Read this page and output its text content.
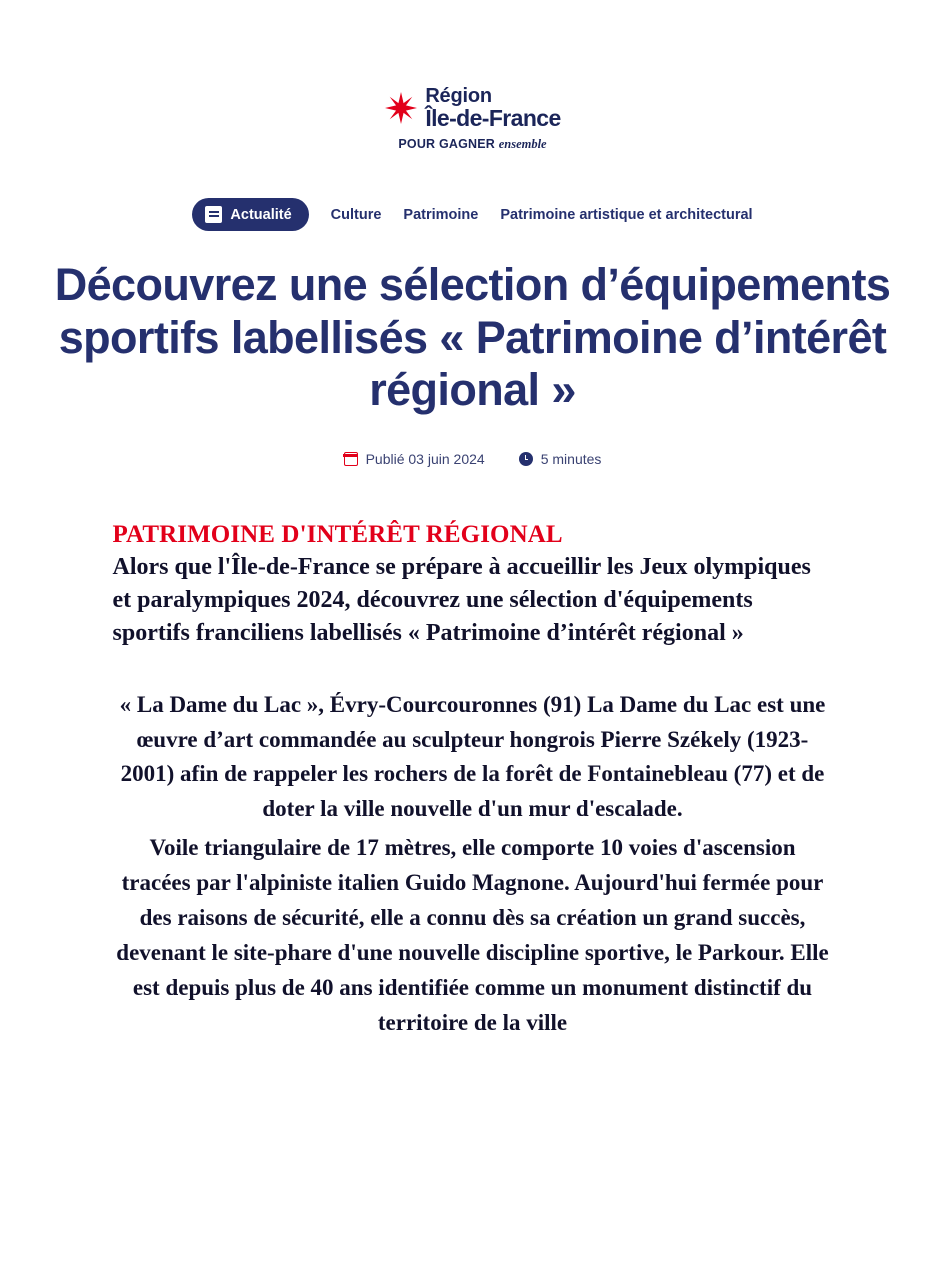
Région
Île-de-France
POUR GAGNER ensemble
Actualité	Culture Patrimoine Patrimoine artistique et architectural
Découvrez une sélection d’équipements sportifs labellisés « Patrimoine d’intérêt régional »
Publié 03 juin 2024	5 minutes

PATRIMOINE D'INTÉRÊT RÉGIONAL

Alors que l'Île-de-France se prépare à accueillir les Jeux olympiques et paralympiques 2024, découvrez une sélection d'équipements sportifs franciliens labellisés « Patrimoine d’intérêt régional »

« La Dame du Lac », Évry-Courcouronnes (91) La Dame du Lac est une œuvre d’art commandée au sculpteur hongrois Pierre Székely (1923-2001) afin de rappeler les rochers de la forêt de Fontainebleau (77) et de doter la ville nouvelle d'un mur d'escalade.

Voile triangulaire de 17 mètres, elle comporte 10 voies d'ascension tracées par l'alpiniste italien Guido Magnone. Aujourd'hui fermée pour des raisons de sécurité, elle a connu dès sa création un grand succès, devenant le site-phare d'une nouvelle discipline sportive, le Parkour. Elle est depuis plus de 40 ans identifiée comme un monument distinctif du territoire de la ville
